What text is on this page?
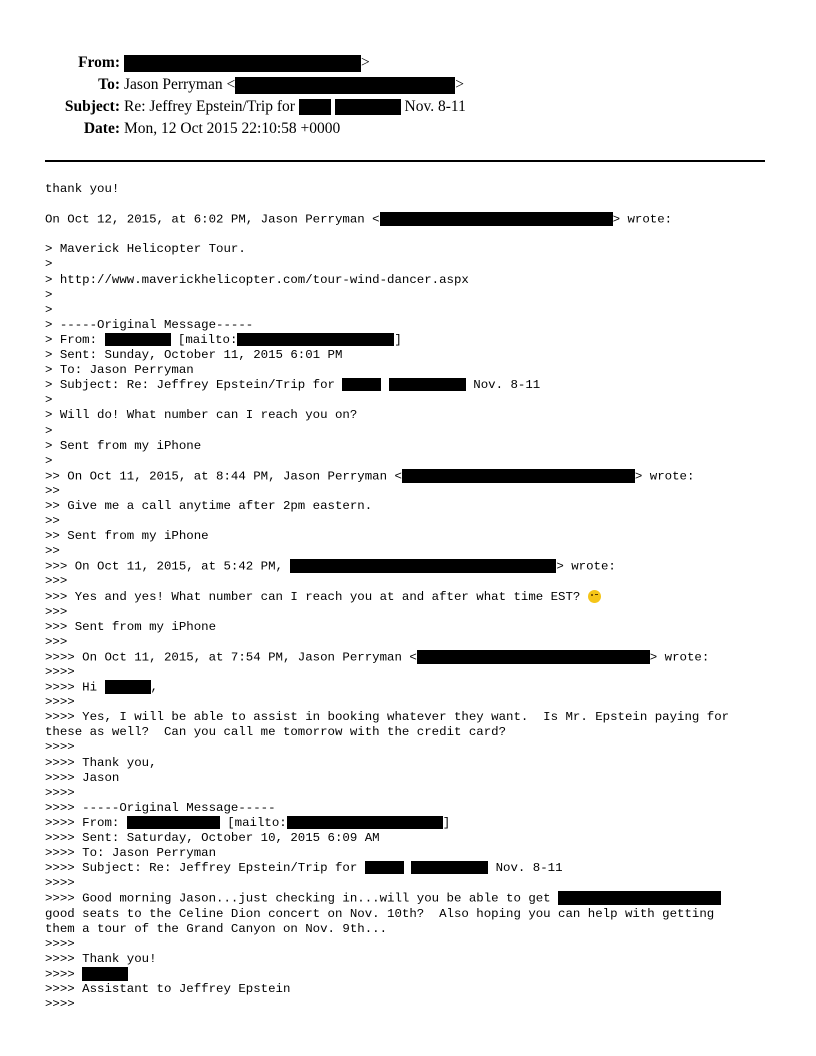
From:	>
To: Jason Perryman <	>
Subject: Re: Jeffrey Epstein/Trip for	Nov. 8-11
Date: Mon, 12 Oct 2015 22:10:58 +0000
thank you!
On Oct 12, 2015, at 6:02 PM, Jason Perryman <	> wrote:
> Maverick Helicopter Tour.
>
> http://www.maverickhelicopter.com/tour-wind-dancer.aspx
>
>
> -----Original Message-----
> From:	[mailto:	]
> Sent: Sunday, October 11, 2015 6:01 PM
> To: Jason Perryman
> Subject: Re: Jeffrey Epstein/Trip for	Nov. 8-11
>
> Will do! What number can I reach you on?
>
> Sent from my iPhone
>
>> On Oct 11, 2015, at 8:44 PM, Jason Perryman <	> wrote:
>>
>> Give me a call anytime after 2pm eastern.
>>
>> Sent from my iPhone
>>
>>> On Oct 11, 2015, at 5:42 PM,	> wrote:
>>>
>>> Yes and yes! What number can I reach you at and after what time EST?
>>>
>>> Sent from my iPhone
>>>
>>>> On Oct 11, 2015, at 7:54 PM, Jason Perryman <	> wrote:
>>>>
>>>> Hi	,
>>>>
>>>> Yes, I will be able to assist in booking whatever they want.  Is Mr. Epstein paying for
these as well?  Can you call me tomorrow with the credit card?
>>>>
>>>> Thank you,
>>>> Jason
>>>>
>>>> -----Original Message-----
>>>> From:	[mailto:	]
>>>> Sent: Saturday, October 10, 2015 6:09 AM
>>>> To: Jason Perryman
>>>> Subject: Re: Jeffrey Epstein/Trip for	Nov. 8-11
>>>>
>>>> Good morning Jason...just checking in...will you be able to get
good seats to the Celine Dion concert on Nov. 10th?  Also hoping you can help with getting
them a tour of the Grand Canyon on Nov. 9th...
>>>>
>>>> Thank you!
>>>>
>>>> Assistant to Jeffrey Epstein
>>>>
